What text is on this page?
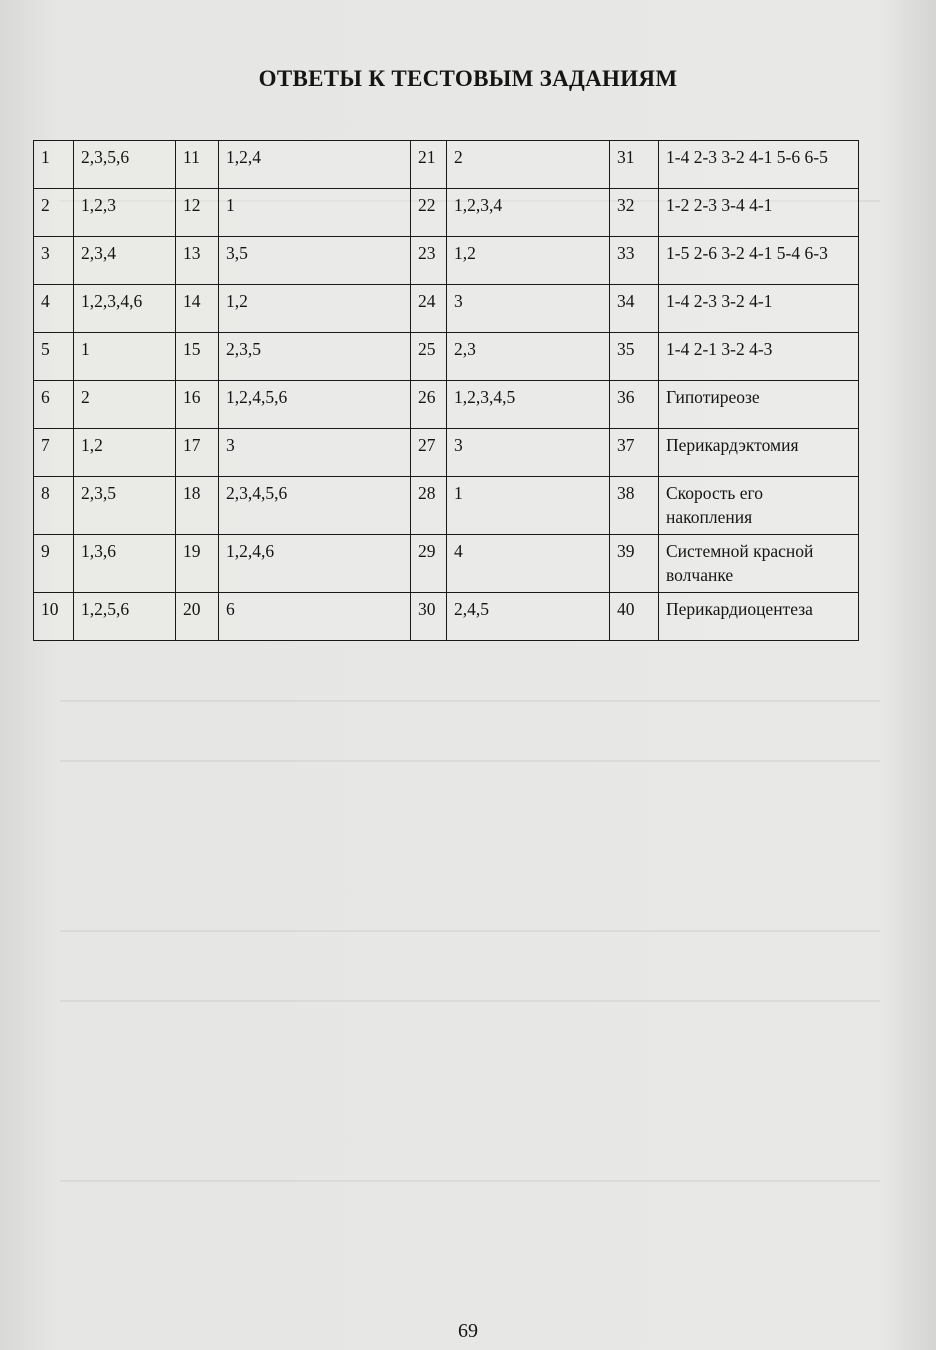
ОТВЕТЫ К ТЕСТОВЫМ ЗАДАНИЯМ
1	2,3,5,6	11	1,2,4	21	2	31	1-4 2-3 3-2 4-1 5-6 6-5
2	1,2,3	12	1	22	1,2,3,4	32	1-2 2-3 3-4 4-1
3	2,3,4	13	3,5	23	1,2	33	1-5 2-6 3-2 4-1 5-4 6-3
4	1,2,3,4,6	14	1,2	24	3	34	1-4 2-3 3-2 4-1
5	1	15	2,3,5	25	2,3	35	1-4 2-1 3-2 4-3
6	2	16	1,2,4,5,6	26	1,2,3,4,5	36	Гипотиреозе
7	1,2	17	3	27	3	37	Перикардэктомия
8	2,3,5	18	2,3,4,5,6	28	1	38	Скорость его накопления
9	1,3,6	19	1,2,4,6	29	4	39	Системной красной волчанке
10	1,2,5,6	20	6	30	2,4,5	40	Перикардиоцентеза
69
